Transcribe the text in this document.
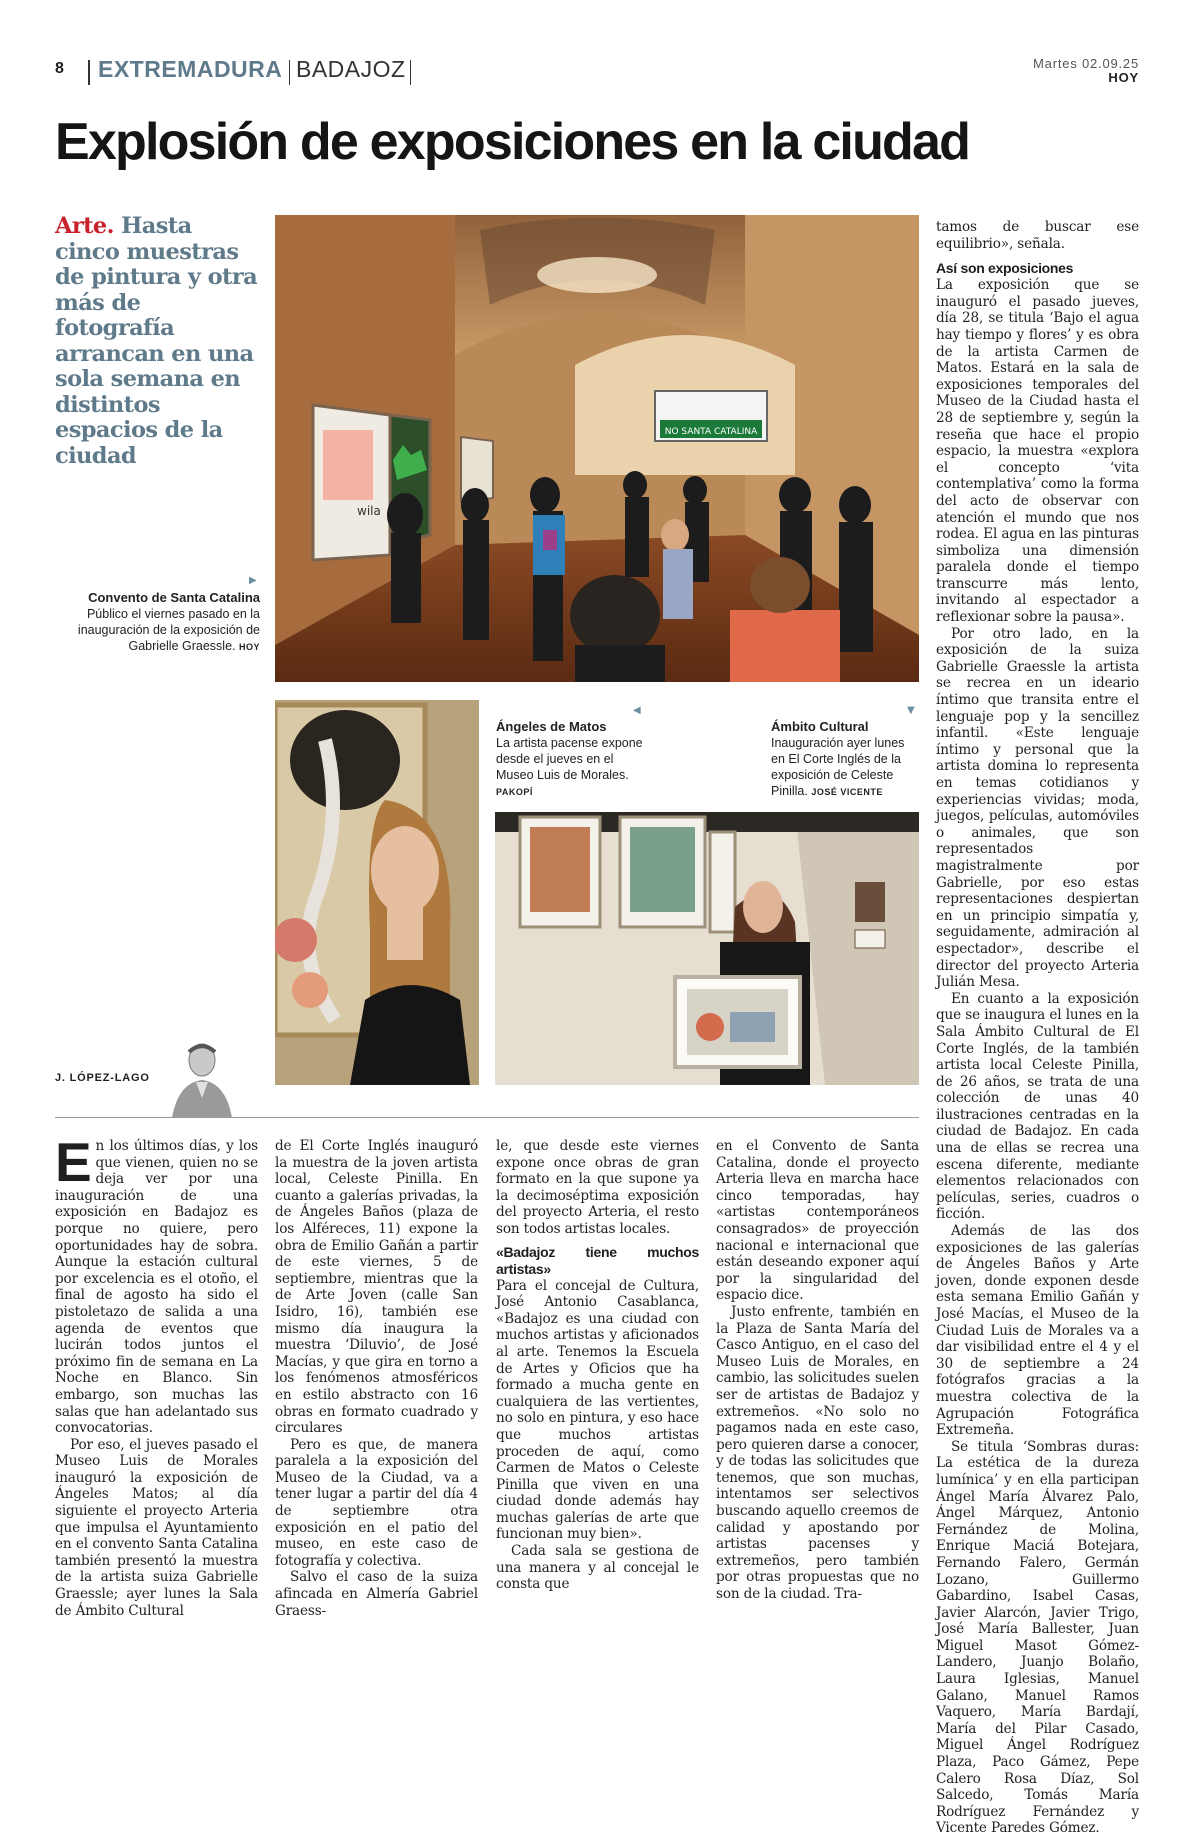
8 EXTREMADURA BADAJOZ	Martes 02.09.25
HOY
Explosión de exposiciones en la ciudad
Arte. Hasta cinco muestras de pintura y otra más de fotografía arrancan en una sola semana en distintos espacios de la ciudad
NO SANTA CATALINA
wila
▶
Convento de Santa Catalina
Público el viernes pasado en la inauguración de la exposición de Gabrielle Graessle. HOY
◀
Ángeles de Matos
La artista pacense expone desde el jueves en el Museo Luis de Morales. PAKOPÍ
▼
Ámbito Cultural
Inauguración ayer lunes en El Corte Inglés de la exposición de Celeste Pinilla. JOSÉ VICENTE
J. LÓPEZ-LAGO
E n los últimos días, y los que vienen, quien no se deja ver por una inauguración de una exposición en Badajoz es porque no quiere, pero oportunidades hay de sobra. Aunque la estación cultural por excelencia es el otoño, el final de agosto ha sido el pistoletazo de salida a una agenda de eventos que lucirán todos juntos el próximo fin de semana en La Noche en Blanco. Sin embargo, son muchas las salas que han adelantado sus convocatorias.

Por eso, el jueves pasado el Museo Luis de Morales inauguró la exposición de Ángeles Matos; al día siguiente el proyecto Arteria que impulsa el Ayuntamiento en el convento Santa Catalina también presentó la muestra de la artista suiza Gabrielle Graessle; ayer lunes la Sala de Ámbito Cultural

de El Corte Inglés inauguró la muestra de la joven artista local, Celeste Pinilla. En cuanto a galerías privadas, la de Ángeles Baños (plaza de los Alféreces, 11) expone la obra de Emilio Gañán a partir de este viernes, 5 de septiembre, mientras que la de Arte Joven (calle San Isidro, 16), también ese mismo día inaugura la muestra ‘Diluvio’, de José Macías, y que gira en torno a los fenómenos atmosféricos en estilo abstracto con 16 obras en formato cuadrado y circulares

Pero es que, de manera paralela a la exposición del Museo de la Ciudad, va a tener lugar a partir del día 4 de septiembre otra exposición en el patio del museo, en este caso de fotografía y colectiva.

Salvo el caso de la suiza afincada en Almería Gabriel Graess-

le, que desde este viernes expone once obras de gran formato en la que supone ya la decimoséptima exposición del proyecto Arteria, el resto son todos artistas locales.

«Badajoz tiene muchos artistas»

Para el concejal de Cultura, José Antonio Casablanca, «Badajoz es una ciudad con muchos artistas y aficionados al arte. Tenemos la Escuela de Artes y Oficios que ha formado a mucha gente en cualquiera de las vertientes, no solo en pintura, y eso hace que muchos artistas proceden de aquí, como Carmen de Matos o Celeste Pinilla que viven en una ciudad donde además hay muchas galerías de arte que funcionan muy bien».

Cada sala se gestiona de una manera y al concejal le consta que

en el Convento de Santa Catalina, donde el proyecto Arteria lleva en marcha hace cinco temporadas, hay «artistas contemporáneos consagrados» de proyección nacional e internacional que están deseando exponer aquí por la singularidad del espacio dice.

Justo enfrente, también en la Plaza de Santa María del Casco Antiguo, en el caso del Museo Luis de Morales, en cambio, las solicitudes suelen ser de artistas de Badajoz y extremeños. «No solo no pagamos nada en este caso, pero quieren darse a conocer, y de todas las solicitudes que tenemos, que son muchas, intentamos ser selectivos buscando aquello creemos de calidad y apostando por artistas pacenses y extremeños, pero también por otras propuestas que no son de la ciudad. Tra-

tamos de buscar ese equilibrio», señala.

Así son exposiciones

La exposición que se inauguró el pasado jueves, día 28, se titula ‘Bajo el agua hay tiempo y flores’ y es obra de la artista Carmen de Matos. Estará en la sala de exposiciones temporales del Museo de la Ciudad hasta el 28 de septiembre y, según la reseña que hace el propio espacio, la muestra «explora el concepto ‘vita contemplativa’ como la forma del acto de observar con atención el mundo que nos rodea. El agua en las pinturas simboliza una dimensión paralela donde el tiempo transcurre más lento, invitando al espectador a reflexionar sobre la pausa».

Por otro lado, en la exposición de la suiza Gabrielle Graessle la artista se recrea en un ideario íntimo que transita entre el lenguaje pop y la sencillez infantil. «Este lenguaje íntimo y personal que la artista domina lo representa en temas cotidianos y experiencias vividas; moda, juegos, películas, automóviles o animales, que son representados magistralmente por Gabrielle, por eso estas representaciones despiertan en un principio simpatía y, seguidamente, admiración al espectador», describe el director del proyecto Arteria Julián Mesa.

En cuanto a la exposición que se inaugura el lunes en la Sala Ámbito Cultural de El Corte Inglés, de la también artista local Celeste Pinilla, de 26 años, se trata de una colección de unas 40 ilustraciones centradas en la ciudad de Badajoz. En cada una de ellas se recrea una escena diferente, mediante elementos relacionados con películas, series, cuadros o ficción.

Además de las dos exposiciones de las galerías de Ángeles Baños y Arte joven, donde exponen desde esta semana Emilio Gañán y José Macías, el Museo de la Ciudad Luis de Morales va a dar visibilidad entre el 4 y el 30 de septiembre a 24 fotógrafos gracias a la muestra colectiva de la Agrupación Fotográfica Extremeña.

Se titula ‘Sombras duras: La estética de la dureza lumínica’ y en ella participan Ángel María Álvarez Palo, Ángel Márquez, Antonio Fernández de Molina, Enrique Maciá Botejara, Fernando Falero, Germán Lozano, Guillermo Gabardino, Isabel Casas, Javier Alarcón, Javier Trigo, José María Ballester, Juan Miguel Masot Gómez-Landero, Juanjo Bolaño, Laura Iglesias, Manuel Galano, Manuel Ramos Vaquero, María Bardají, María del Pilar Casado, Miguel Ángel Rodríguez Plaza, Paco Gámez, Pepe Calero Rosa Díaz, Sol Salcedo, Tomás María Rodríguez Fernández y Vicente Paredes Gómez.
